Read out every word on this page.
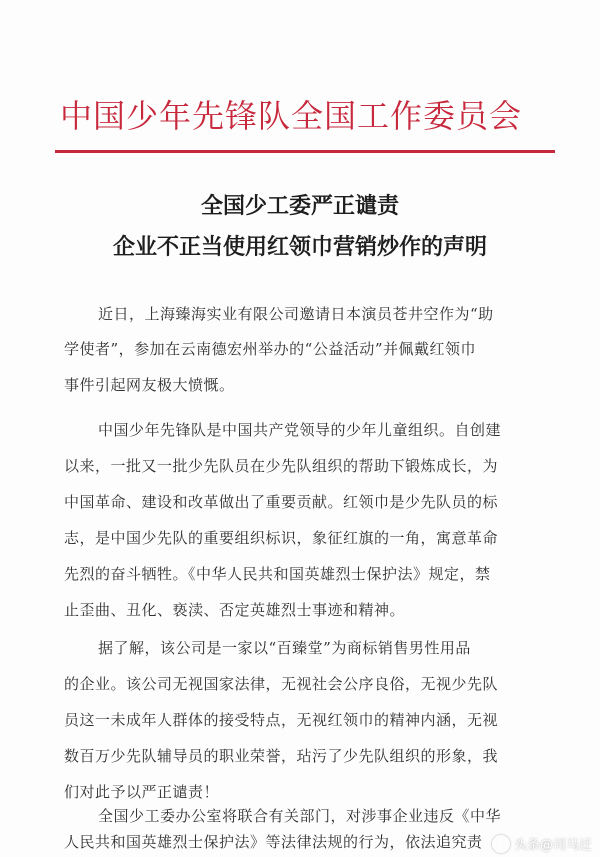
中国少年先锋队全国工作委员会
全国少工委严正谴责
企业不正当使用红领巾营销炒作的声明
近日，上海臻海实业有限公司邀请日本演员苍井空作为“助
学使者”，参加在云南德宏州举办的“公益活动”并佩戴红领巾
事件引起网友极大愤慨。
中国少年先锋队是中国共产党领导的少年儿童组织。自创建
以来，一批又一批少先队员在少先队组织的帮助下锻炼成长，为
中国革命、建设和改革做出了重要贡献。红领巾是少先队员的标
志，是中国少先队的重要组织标识，象征红旗的一角，寓意革命
先烈的奋斗牺牲。《中华人民共和国英雄烈士保护法》规定，禁
止歪曲、丑化、亵渎、否定英雄烈士事迹和精神。
据了解，该公司是一家以“百臻堂”为商标销售男性用品
的企业。该公司无视国家法律，无视社会公序良俗，无视少先队
员这一未成年人群体的接受特点，无视红领巾的精神内涵，无视
数百万少先队辅导员的职业荣誉，玷污了少先队组织的形象，我
们对此予以严正谴责！
全国少工委办公室将联合有关部门，对涉事企业违反《中华
人民共和国英雄烈士保护法》等法律法规的行为，依法追究责	头条@司马迁
